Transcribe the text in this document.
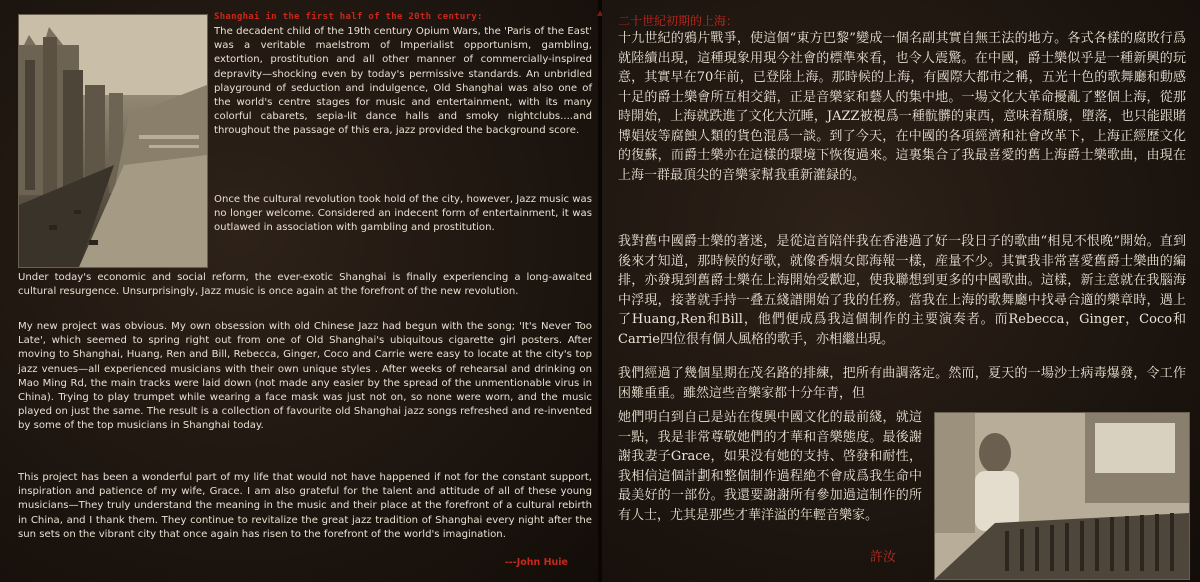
Shanghai in the first half of the 20th century:
The decadent child of the 19th century Opium Wars, the 'Paris of the East' was a veritable maelstrom of Imperialist opportunism, gambling, extortion, prostitution and all other manner of commercially-inspired depravity—shocking even by today's permissive standards. An unbridled playground of seduction and indulgence, Old Shanghai was also one of the world's centre stages for music and entertainment, with its many colorful cabarets, sepia-lit dance halls and smoky nightclubs....and throughout the passage of this era, jazz provided the background score.
Once the cultural revolution took hold of the city, however, Jazz music was no longer welcome. Considered an indecent form of entertainment, it was outlawed in association with gambling and prostitution.
Under today's economic and social reform, the ever-exotic Shanghai is finally experiencing a long-awaited cultural resurgence. Unsurprisingly, Jazz music is once again at the forefront of the new revolution.
My new project was obvious. My own obsession with old Chinese Jazz had begun with the song; 'It's Never Too Late', which seemed to spring right out from one of Old Shanghai's ubiquitous cigarette girl posters. After moving to Shanghai, Huang, Ren and Bill, Rebecca, Ginger, Coco and Carrie were easy to locate at the city's top jazz venues—all experienced musicians with their own unique styles . After weeks of rehearsal and drinking on Mao Ming Rd, the main tracks were laid down (not made any easier by the spread of the unmentionable virus in China). Trying to play trumpet while wearing a face mask was just not on, so none were worn, and the music played on just the same. The result is a collection of favourite old Shanghai jazz songs refreshed and re-invented by some of the top musicians in Shanghai today.
This project has been a wonderful part of my life that would not have happened if not for the constant support, inspiration and patience of my wife, Grace. I am also grateful for the talent and attitude of all of these young musicians—They truly understand the meaning in the music and their place at the forefront of a cultural rebirth in China, and I thank them. They continue to revitalize the great jazz tradition of Shanghai every night after the sun sets on the vibrant city that once again has risen to the forefront of the world's imagination.
---John Huie
二十世紀初期的上海：
十九世紀的鴉片戰爭，使這個“東方巴黎”變成一個名副其實自無王法的地方。各式各樣的腐敗行爲就陸續出現，這種現象用現今社會的標準來看，也令人震驚。在中國，爵士樂似乎是一種新興的玩意，其實早在70年前，已登陸上海。那時候的上海，有國際大都市之稱，五光十色的歌舞廳和動感十足的爵士樂會所互相交錯，正是音樂家和藝人的集中地。一場文化大革命擾亂了整個上海，從那時開始，上海就跌進了文化大沉睡，JAZZ被視爲一種骯髒的東西，意味着頹廢，墮落，也只能跟賭博娼妓等腐蝕人類的貨色混爲一談。到了今天，在中國的各項經濟和社會改革下，上海正經歷文化的復蘇，而爵士樂亦在這樣的環境下恢復過來。這裏集合了我最喜愛的舊上海爵士樂歌曲，由現在上海一群最頂尖的音樂家幫我重新灌録的。
我對舊中國爵士樂的著迷，是從這首陪伴我在香港過了好一段日子的歌曲“相見不恨晚”開始。直到後來才知道，那時候的好歌，就像香烟女郎海報一樣，産量不少。其實我非常喜愛舊爵士樂曲的編排，亦發現到舊爵士樂在上海開始受歡迎，使我聯想到更多的中國歌曲。這樣，新主意就在我腦海中浮現，接著就手持一叠五綫譜開始了我的任務。當我在上海的歌舞廳中找尋合適的樂章時，遇上了Huang,Ren和Bill，他們便成爲我這個制作的主要演奏者。而Rebecca，Ginger，Coco和Carrie四位很有個人風格的歌手，亦相繼出現。
我們經過了幾個星期在茂名路的排練，把所有曲調落定。然而，夏天的一場沙士病毒爆發，令工作困難重重。雖然這些音樂家都十分年青，但
她們明白到自己是站在復興中國文化的最前綫，就這一點，我是非常尊敬她們的才華和音樂態度。最後謝謝我妻子Grace，如果没有她的支持、啓發和耐性，我相信這個計劃和整個制作過程絶不會成爲我生命中最美好的一部份。我還要謝謝所有參加過這制作的所有人士，尤其是那些才華洋溢的年輕音樂家。
許汝
